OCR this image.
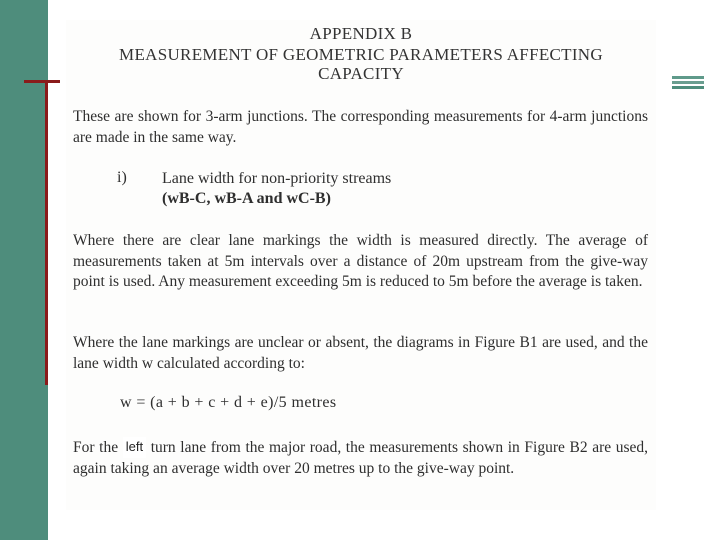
APPENDIX B
MEASUREMENT OF GEOMETRIC PARAMETERS AFFECTING
CAPACITY
These are shown for 3-arm junctions. The corresponding measurements for 4-arm junctions are made in the same way.
i) Lane width for non-priority streams
(wB-C, wB-A and wC-B)
Where there are clear lane markings the width is measured directly. The average of measurements taken at 5m intervals over a distance of 20m upstream from the give-way point is used. Any measurement exceeding 5m is reduced to 5m before the average is taken.
Where the lane markings are unclear or absent, the diagrams in Figure B1 are used, and the lane width w calculated according to:
w = (a + b + c + d + e)/5 metres
For the left turn lane from the major road, the measurements shown in Figure B2 are used, again taking an average width over 20 metres up to the give-way point.
